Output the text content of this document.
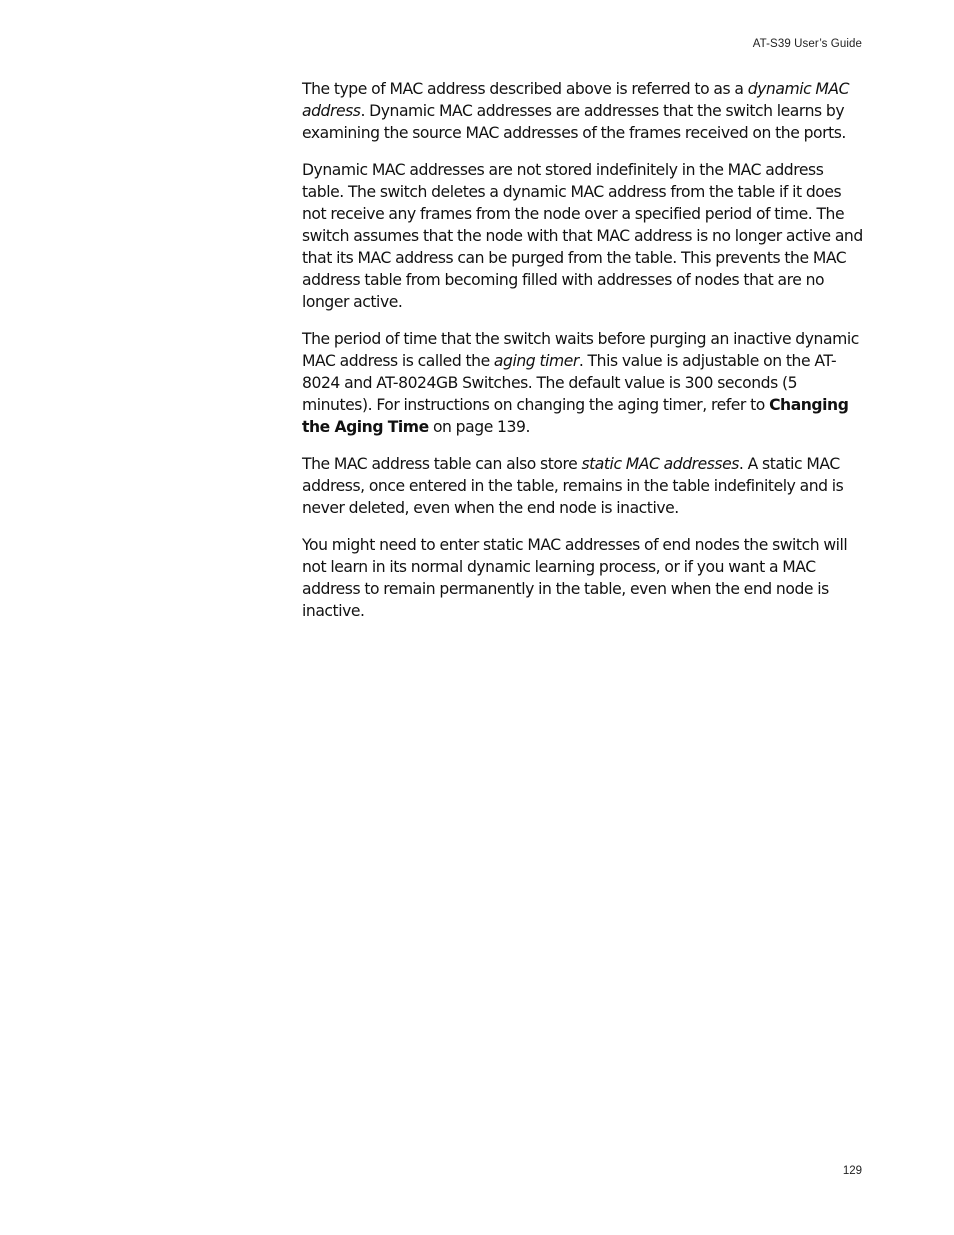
AT-S39 User’s Guide

The type of MAC address described above is referred to as a dynamic MAC address. Dynamic MAC addresses are addresses that the switch learns by examining the source MAC addresses of the frames received on the ports.

Dynamic MAC addresses are not stored indefinitely in the MAC address table. The switch deletes a dynamic MAC address from the table if it does not receive any frames from the node over a specified period of time. The switch assumes that the node with that MAC address is no longer active and that its MAC address can be purged from the table. This prevents the MAC address table from becoming filled with addresses of nodes that are no longer active.

The period of time that the switch waits before purging an inactive dynamic MAC address is called the aging timer. This value is adjustable on the AT-8024 and AT-8024GB Switches. The default value is 300 seconds (5 minutes). For instructions on changing the aging timer, refer to Changing the Aging Time on page 139.

The MAC address table can also store static MAC addresses. A static MAC address, once entered in the table, remains in the table indefinitely and is never deleted, even when the end node is inactive.

You might need to enter static MAC addresses of end nodes the switch will not learn in its normal dynamic learning process, or if you want a MAC address to remain permanently in the table, even when the end node is inactive.

129
